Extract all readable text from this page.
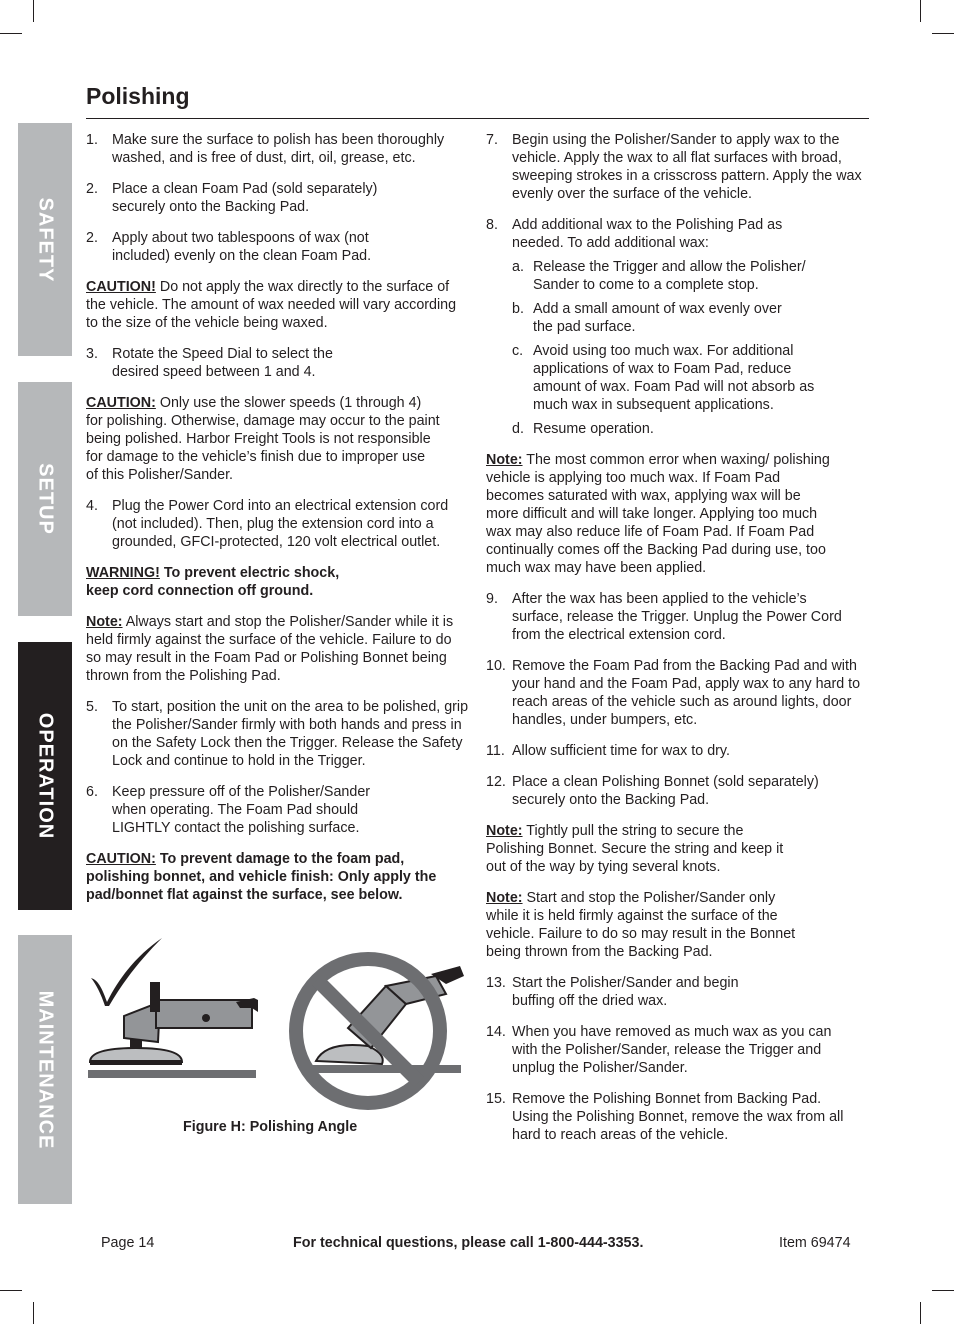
Polishing
SAFETY
SETUP
OPERATION
MAINTENANCE
1. Make sure the surface to polish has been thoroughly washed, and is free of dust, dirt, oil, grease, etc.
2. Place a clean Foam Pad (sold separately) securely onto the Backing Pad.
2. Apply about two tablespoons of wax (not included) evenly on the clean Foam Pad.

CAUTION! Do not apply the wax directly to the surface of the vehicle. The amount of wax needed will vary according to the size of the vehicle being waxed.

3. Rotate the Speed Dial to select the desired speed between 1 and 4.

CAUTION: Only use the slower speeds (1 through 4) for polishing. Otherwise, damage may occur to the paint being polished. Harbor Freight Tools is not responsible for damage to the vehicle’s finish due to improper use of this Polisher/Sander.

4. Plug the Power Cord into an electrical extension cord (not included). Then, plug the extension cord into a grounded, GFCI-protected, 120 volt electrical outlet.

WARNING! To prevent electric shock, keep cord connection off ground.

Note: Always start and stop the Polisher/Sander while it is held firmly against the surface of the vehicle. Failure to do so may result in the Foam Pad or Polishing Bonnet being thrown from the Polishing Pad.

5. To start, position the unit on the area to be polished, grip the Polisher/Sander firmly with both hands and press in on the Safety Lock then the Trigger. Release the Safety Lock and continue to hold in the Trigger.
6. Keep pressure off of the Polisher/Sander when operating. The Foam Pad should LIGHTLY contact the polishing surface.

CAUTION: To prevent damage to the foam pad, polishing bonnet, and vehicle finish: Only apply the pad/bonnet flat against the surface, see below.

Figure H: Polishing Angle
7. Begin using the Polisher/Sander to apply wax to the vehicle. Apply the wax to all flat surfaces with broad, sweeping strokes in a crisscross pattern. Apply the wax evenly over the surface of the vehicle.
8. Add additional wax to the Polishing Pad as needed. To add additional wax:
a. Release the Trigger and allow the Polisher/ Sander to come to a complete stop.
b. Add a small amount of wax evenly over the pad surface.
c. Avoid using too much wax. For additional applications of wax to Foam Pad, reduce amount of wax. Foam Pad will not absorb as much wax in subsequent applications.
d. Resume operation.

Note: The most common error when waxing/ polishing vehicle is applying too much wax. If Foam Pad becomes saturated with wax, applying wax will be more difficult and will take longer. Applying too much wax may also reduce life of Foam Pad. If Foam Pad continually comes off the Backing Pad during use, too much wax may have been applied.

9. After the wax has been applied to the vehicle’s surface, release the Trigger. Unplug the Power Cord from the electrical extension cord.
10. Remove the Foam Pad from the Backing Pad and with your hand and the Foam Pad, apply wax to any hard to reach areas of the vehicle such as around lights, door handles, under bumpers, etc.
11. Allow sufficient time for wax to dry.
12. Place a clean Polishing Bonnet (sold separately) securely onto the Backing Pad.

Note: Tightly pull the string to secure the Polishing Bonnet. Secure the string and keep it out of the way by tying several knots.

Note: Start and stop the Polisher/Sander only while it is held firmly against the surface of the vehicle. Failure to do so may result in the Bonnet being thrown from the Backing Pad.

13. Start the Polisher/Sander and begin buffing off the dried wax.
14. When you have removed as much wax as you can with the Polisher/Sander, release the Trigger and unplug the Polisher/Sander.
15. Remove the Polishing Bonnet from Backing Pad. Using the Polishing Bonnet, remove the wax from all hard to reach areas of the vehicle.
Page 14	For technical questions, please call 1-800-444-3353.	Item 69474
